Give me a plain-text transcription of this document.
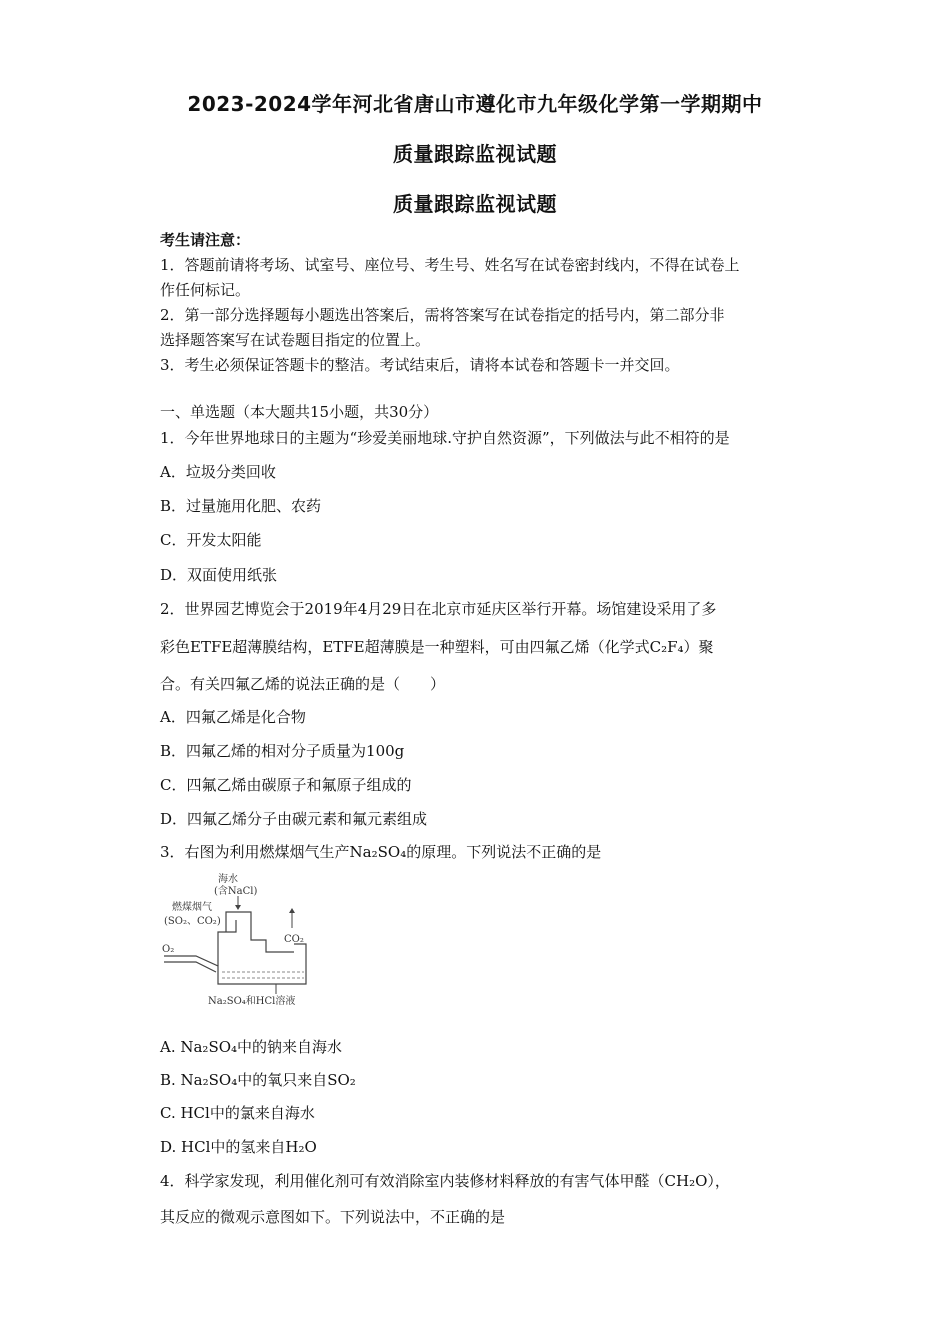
2023-2024学年河北省唐山市遵化市九年级化学第一学期期中
质量跟踪监视试题
质量跟踪监视试题
考生请注意：
1．答题前请将考场、试室号、座位号、考生号、姓名写在试卷密封线内，不得在试卷上
作任何标记。
2．第一部分选择题每小题选出答案后，需将答案写在试卷指定的括号内，第二部分非
选择题答案写在试卷题目指定的位置上。
3．考生必须保证答题卡的整洁。考试结束后，请将本试卷和答题卡一并交回。
一、单选题（本大题共15小题，共30分）
1．今年世界地球日的主题为“珍爱美丽地球.守护自然资源”，下列做法与此不相符的是
A．垃圾分类回收
B．过量施用化肥、农药
C．开发太阳能
D．双面使用纸张
2．世界园艺博览会于2019年4月29日在北京市延庆区举行开幕。场馆建设采用了多
彩色ETFE超薄膜结构，ETFE超薄膜是一种塑料，可由四氟乙烯（化学式C₂F₄）聚
合。有关四氟乙烯的说法正确的是（　　）
A．四氟乙烯是化合物
B．四氟乙烯的相对分子质量为100g
C．四氟乙烯由碳原子和氟原子组成的
D．四氟乙烯分子由碳元素和氟元素组成
3．右图为利用燃煤烟气生产Na₂SO₄的原理。下列说法不正确的是
海水
(含NaCl)
燃煤烟气
(SO₂、CO₂)
O₂
CO₂
Na₂SO₄和HCl溶液
A. Na₂SO₄中的钠来自海水
B. Na₂SO₄中的氧只来自SO₂
C. HCl中的氯来自海水
D. HCl中的氢来自H₂O
4．科学家发现，利用催化剂可有效消除室内装修材料释放的有害气体甲醛（CH₂O），
其反应的微观示意图如下。下列说法中，不正确的是
